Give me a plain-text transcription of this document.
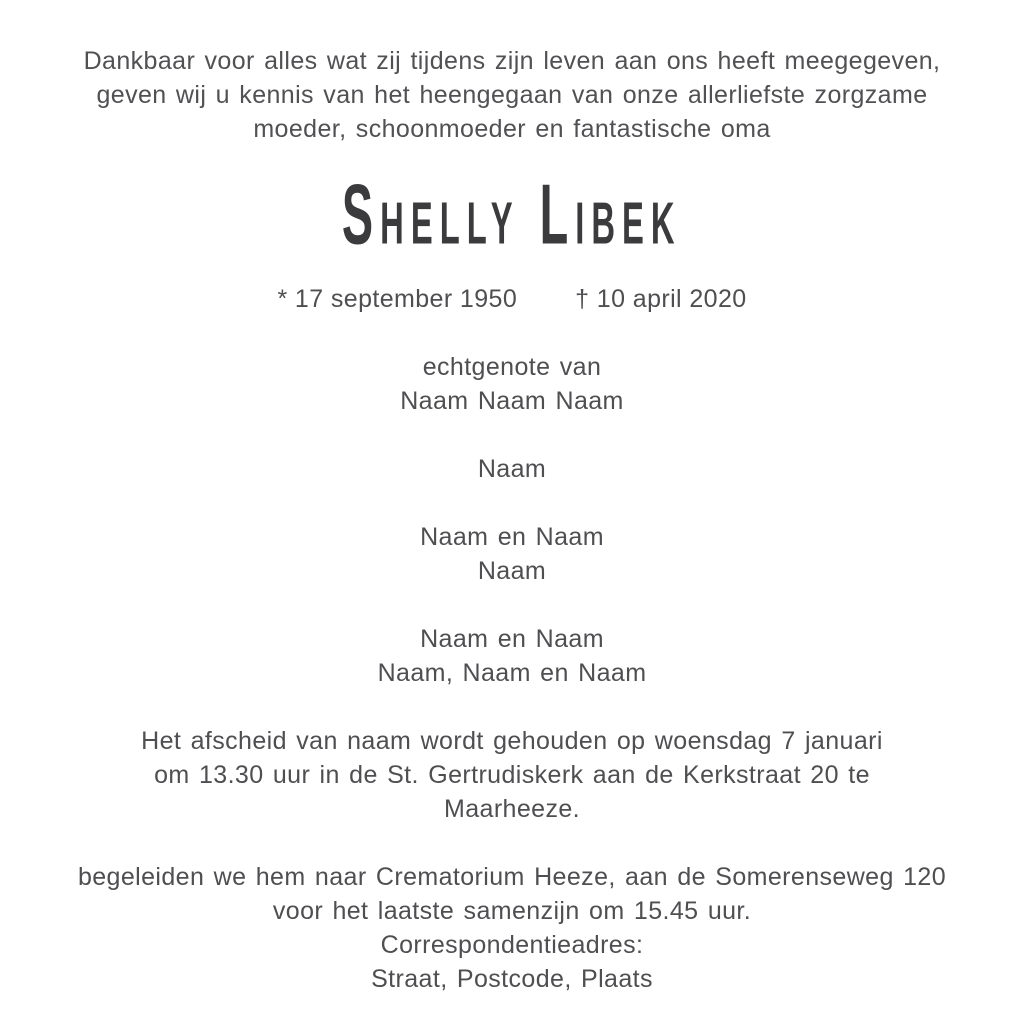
Dankbaar voor alles wat zij tijdens zijn leven aan ons heeft meegegeven,
geven wij u kennis van het heengegaan van onze allerliefste zorgzame
moeder, schoonmoeder en fantastische oma
Shelly Libek
* 17 september 1950 † 10 april 2020
echtgenote van
Naam Naam Naam
Naam
Naam en Naam
Naam
Naam en Naam
Naam, Naam en Naam
Het afscheid van naam wordt gehouden op woensdag 7 januari
om 13.30 uur in de St. Gertrudiskerk aan de Kerkstraat 20 te
Maarheeze.
begeleiden we hem naar Crematorium Heeze, aan de Somerenseweg 120
voor het laatste samenzijn om 15.45 uur.
Correspondentieadres:
Straat, Postcode, Plaats
